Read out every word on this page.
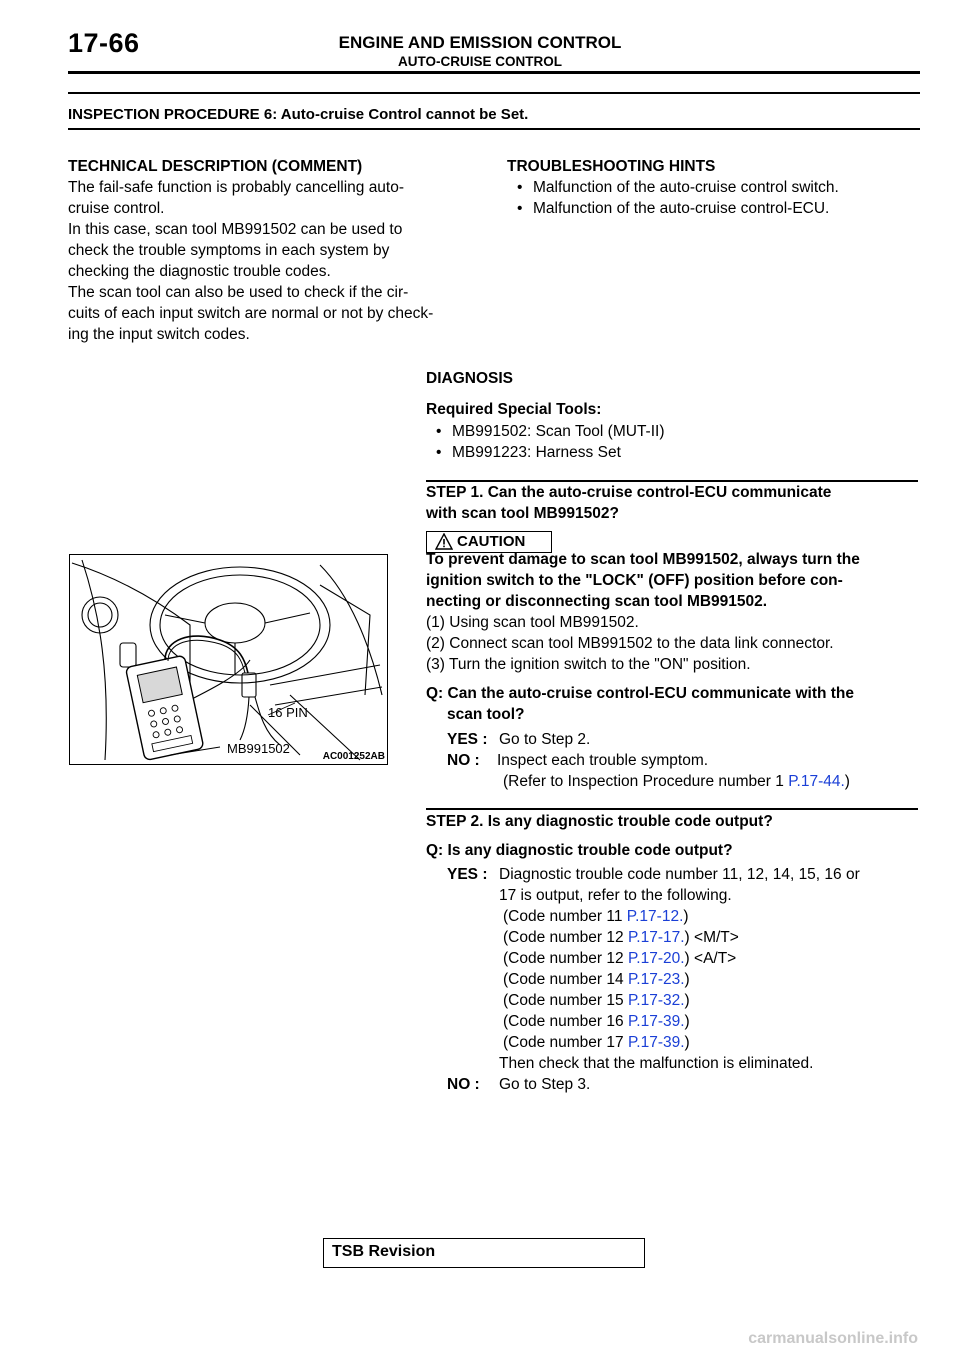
17-66	ENGINE AND EMISSION CONTROL
AUTO-CRUISE CONTROL
INSPECTION PROCEDURE 6: Auto-cruise Control cannot be Set.
TECHNICAL DESCRIPTION (COMMENT)
The fail-safe function is probably cancelling auto-
cruise control.
In this case, scan tool MB991502 can be used to
check the trouble symptoms in each system by
checking the diagnostic trouble codes.
The scan tool can also be used to check if the cir-
cuits of each input switch are normal or not by check-
ing the input switch codes.
TROUBLESHOOTING HINTS
• Malfunction of the auto-cruise control switch.
• Malfunction of the auto-cruise control-ECU.
DIAGNOSIS
Required Special Tools:
• MB991502: Scan Tool (MUT-II)
• MB991223: Harness Set
STEP 1. Can the auto-cruise control-ECU communicate
with scan tool MB991502?
CAUTION
To prevent damage to scan tool MB991502, always turn the
ignition switch to the "LOCK" (OFF) position before con-
necting or disconnecting scan tool MB991502.
(1) Using scan tool MB991502.
(2) Connect scan tool MB991502 to the data link connector.
(3) Turn the ignition switch to the "ON" position.
Q: Can the auto-cruise control-ECU communicate with the
scan tool?
YES : Go to Step 2.
NO : Inspect each trouble symptom.
(Refer to Inspection Procedure number 1 P.17-44.)
16 PIN
MB991502
AC001252AB
STEP 2. Is any diagnostic trouble code output?
Q: Is any diagnostic trouble code output?
YES : Diagnostic trouble code number 11, 12, 14, 15, 16 or
17 is output, refer to the following.
(Code number 11 P.17-12.)
(Code number 12 P.17-17.) <M/T>
(Code number 12 P.17-20.) <A/T>
(Code number 14 P.17-23.)
(Code number 15 P.17-32.)
(Code number 16 P.17-39.)
(Code number 17 P.17-39.)
Then check that the malfunction is eliminated.
NO : Go to Step 3.
TSB Revision
carmanualsonline.info
